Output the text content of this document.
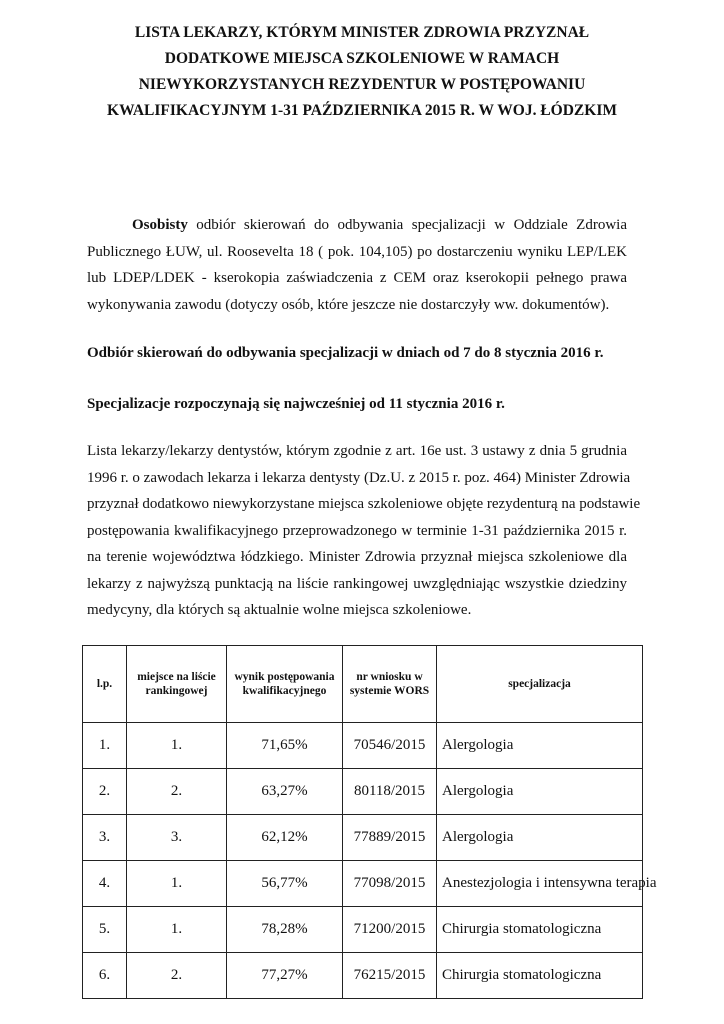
LISTA LEKARZY, KTÓRYM MINISTER ZDROWIA PRZYZNAŁ
DODATKOWE MIEJSCA SZKOLENIOWE W RAMACH
NIEWYKORZYSTANYCH REZYDENTUR W POSTĘPOWANIU
KWALIFIKACYJNYM 1-31 PAŹDZIERNIKA 2015 R. W WOJ. ŁÓDZKIM
Osobisty odbiór skierowań do odbywania specjalizacji w Oddziale Zdrowia Publicznego ŁUW, ul. Roosevelta 18 ( pok. 104,105) po dostarczeniu wyniku LEP/LEK lub LDEP/LDEK - kserokopia zaświadczenia z CEM oraz kserokopii pełnego prawa wykonywania zawodu (dotyczy osób, które jeszcze nie dostarczyły ww. dokumentów).
Odbiór skierowań do odbywania specjalizacji w dniach od 7 do 8 stycznia 2016 r.
Specjalizacje rozpoczynają się najwcześniej od 11 stycznia 2016 r.
Lista lekarzy/lekarzy dentystów, którym zgodnie z art. 16e ust. 3 ustawy z dnia 5 grudnia
1996 r. o zawodach lekarza i lekarza dentysty (Dz.U. z 2015 r. poz. 464) Minister Zdrowia
przyznał dodatkowo niewykorzystane miejsca szkoleniowe objęte rezydenturą na podstawie
postępowania kwalifikacyjnego przeprowadzonego w terminie 1-31 października 2015 r.
na terenie województwa łódzkiego. Minister Zdrowia przyznał miejsca szkoleniowe dla
lekarzy z najwyższą punktacją na liście rankingowej uwzględniając wszystkie dziedziny
medycyny, dla których są aktualnie wolne miejsca szkoleniowe.
l.p.	miejsce na liście rankingowej	wynik postępowania kwalifikacyjnego	nr wniosku w systemie WORS	specjalizacja
1.	1.	71,65%	70546/2015	Alergologia
2.	2.	63,27%	80118/2015	Alergologia
3.	3.	62,12%	77889/2015	Alergologia
4.	1.	56,77%	77098/2015	Anestezjologia i intensywna terapia
5.	1.	78,28%	71200/2015	Chirurgia stomatologiczna
6.	2.	77,27%	76215/2015	Chirurgia stomatologiczna
